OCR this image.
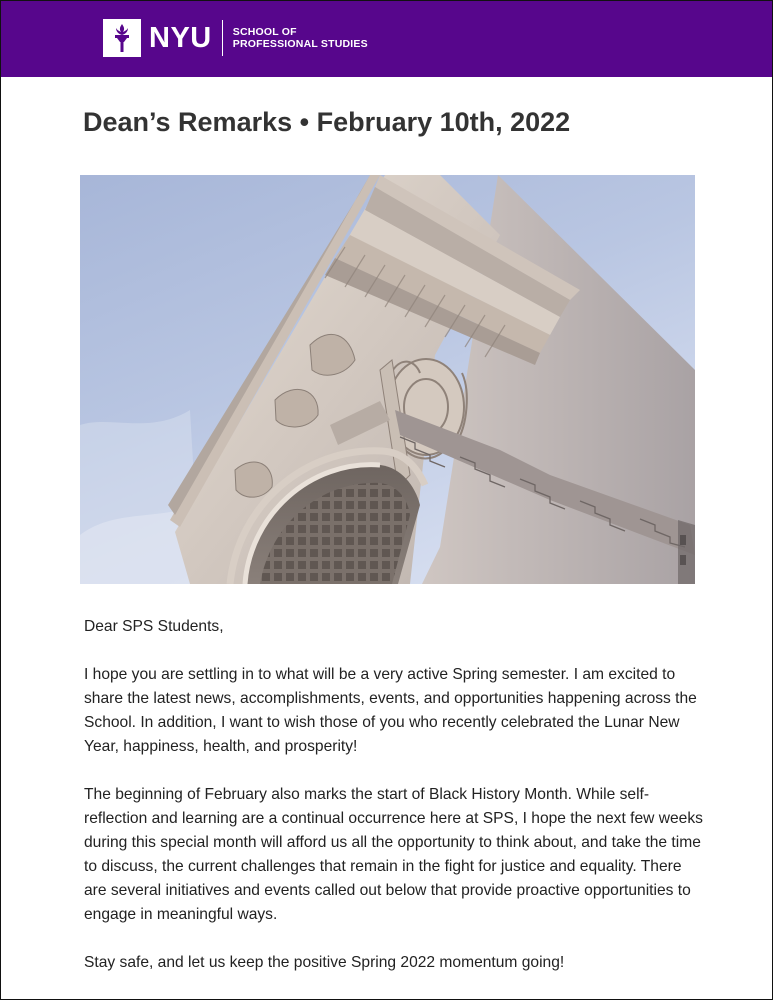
NYU SCHOOL OF
PROFESSIONAL STUDIES
Dean’s Remarks • February 10th, 2022

Dear SPS Students,

I hope you are settling in to what will be a very active Spring semester. I am excited to share the latest news, accomplishments, events, and opportunities happening across the School. In addition, I want to wish those of you who recently celebrated the Lunar New Year, happiness, health, and prosperity!

The beginning of February also marks the start of Black History Month. While self-reflection and learning are a continual occurrence here at SPS, I hope the next few weeks during this special month will afford us all the opportunity to think about, and take the time to discuss, the current challenges that remain in the fight for justice and equality. There are several initiatives and events called out below that provide proactive opportunities to engage in meaningful ways.

Stay safe, and let us keep the positive Spring 2022 momentum going!
